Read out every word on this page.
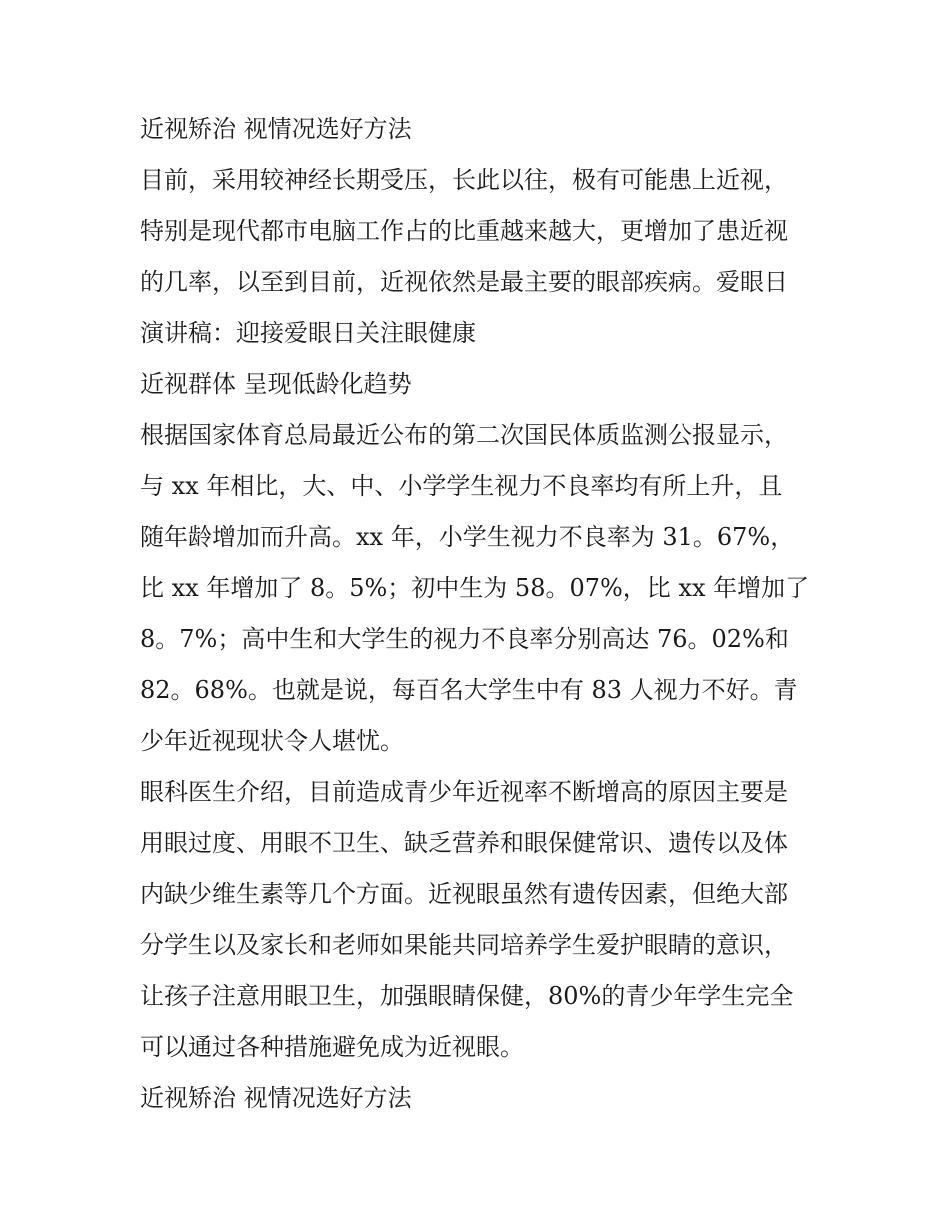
近视矫治 视情况选好方法
目前，采用较神经长期受压，长此以往，极有可能患上近视，
特别是现代都市电脑工作占的比重越来越大，更增加了患近视
的几率，以至到目前，近视依然是最主要的眼部疾病。爱眼日
演讲稿：迎接爱眼日关注眼健康
近视群体 呈现低龄化趋势
根据国家体育总局最近公布的第二次国民体质监测公报显示，
与 xx 年相比，大、中、小学学生视力不良率均有所上升，且
随年龄增加而升高。xx 年，小学生视力不良率为 31。67%，
比 xx 年增加了 8。5%；初中生为 58。07%，比 xx 年增加了
8。7%；高中生和大学生的视力不良率分别高达 76。02%和
82。68%。也就是说，每百名大学生中有 83 人视力不好。青
少年近视现状令人堪忧。
眼科医生介绍，目前造成青少年近视率不断增高的原因主要是
用眼过度、用眼不卫生、缺乏营养和眼保健常识、遗传以及体
内缺少维生素等几个方面。近视眼虽然有遗传因素，但绝大部
分学生以及家长和老师如果能共同培养学生爱护眼睛的意识，
让孩子注意用眼卫生，加强眼睛保健，80%的青少年学生完全
可以通过各种措施避免成为近视眼。
近视矫治 视情况选好方法
